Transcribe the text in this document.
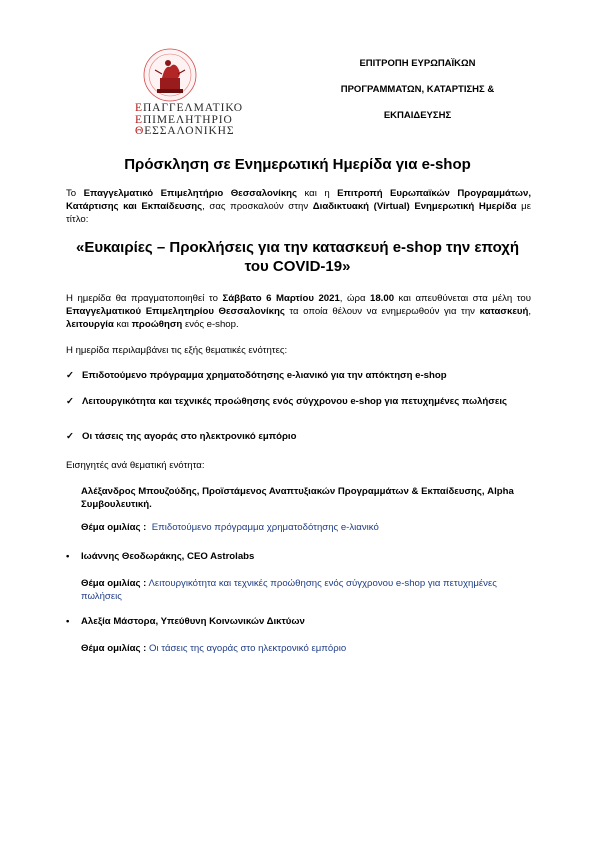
ΕΠΑΓΓΕΛΜΑΤΙΚΟ
ΕΠΙΜΕΛΗΤΗΡΙΟ
ΘΕΣΣΑΛΟΝΙΚΗΣ
ΕΠΙΤΡΟΠΗ ΕΥΡΩΠΑΪΚΩΝ
ΠΡΟΓΡΑΜΜΑΤΩΝ, ΚΑΤΑΡΤΙΣΗΣ &
ΕΚΠΑΙΔΕΥΣΗΣ
Πρόσκληση σε Ενημερωτική Ημερίδα για e-shop
Το Επαγγελματικό Επιμελητήριο Θεσσαλονίκης και η Επιτροπή Ευρωπαϊκών Προγραμμάτων, Κατάρτισης και Εκπαίδευσης, σας προσκαλούν στην Διαδικτυακή (Virtual) Ενημερωτική Ημερίδα με τίτλο:
«Ευκαιρίες – Προκλήσεις για την κατασκευή e-shop την εποχή
του COVID-19»
Η ημερίδα θα πραγματοποιηθεί το Σάββατο 6 Μαρτίου 2021, ώρα 18.00 και απευθύνεται στα μέλη του Επαγγελματικού Επιμελητηρίου Θεσσαλονίκης τα οποία θέλουν να ενημερωθούν για την κατασκευή, λειτουργία και προώθηση ενός e-shop.
Η ημερίδα περιλαμβάνει τις εξής θεματικές ενότητες:
✓ Επιδοτούμενο πρόγραμμα χρηματοδότησης e-λιανικό για την απόκτηση e-shop
✓ Λειτουργικότητα και τεχνικές προώθησης ενός σύγχρονου e-shop για πετυχημένες πωλήσεις
✓ Οι τάσεις της αγοράς στο ηλεκτρονικό εμπόριο
Εισηγητές ανά θεματική ενότητα:
Αλέξανδρος Μπουζούδης, Προϊστάμενος Αναπτυξιακών Προγραμμάτων & Εκπαίδευσης, Alpha Συμβουλευτική.
Θέμα ομιλίας : Επιδοτούμενο πρόγραμμα χρηματοδότησης e-λιανικό
• Ιωάννης Θεοδωράκης, CEO Astrolabs
Θέμα ομιλίας : Λειτουργικότητα και τεχνικές προώθησης ενός σύγχρονου e-shop για πετυχημένες πωλήσεις
• Αλεξία Μάστορα, Υπεύθυνη Κοινωνικών Δικτύων
Θέμα ομιλίας : Οι τάσεις της αγοράς στο ηλεκτρονικό εμπόριο
